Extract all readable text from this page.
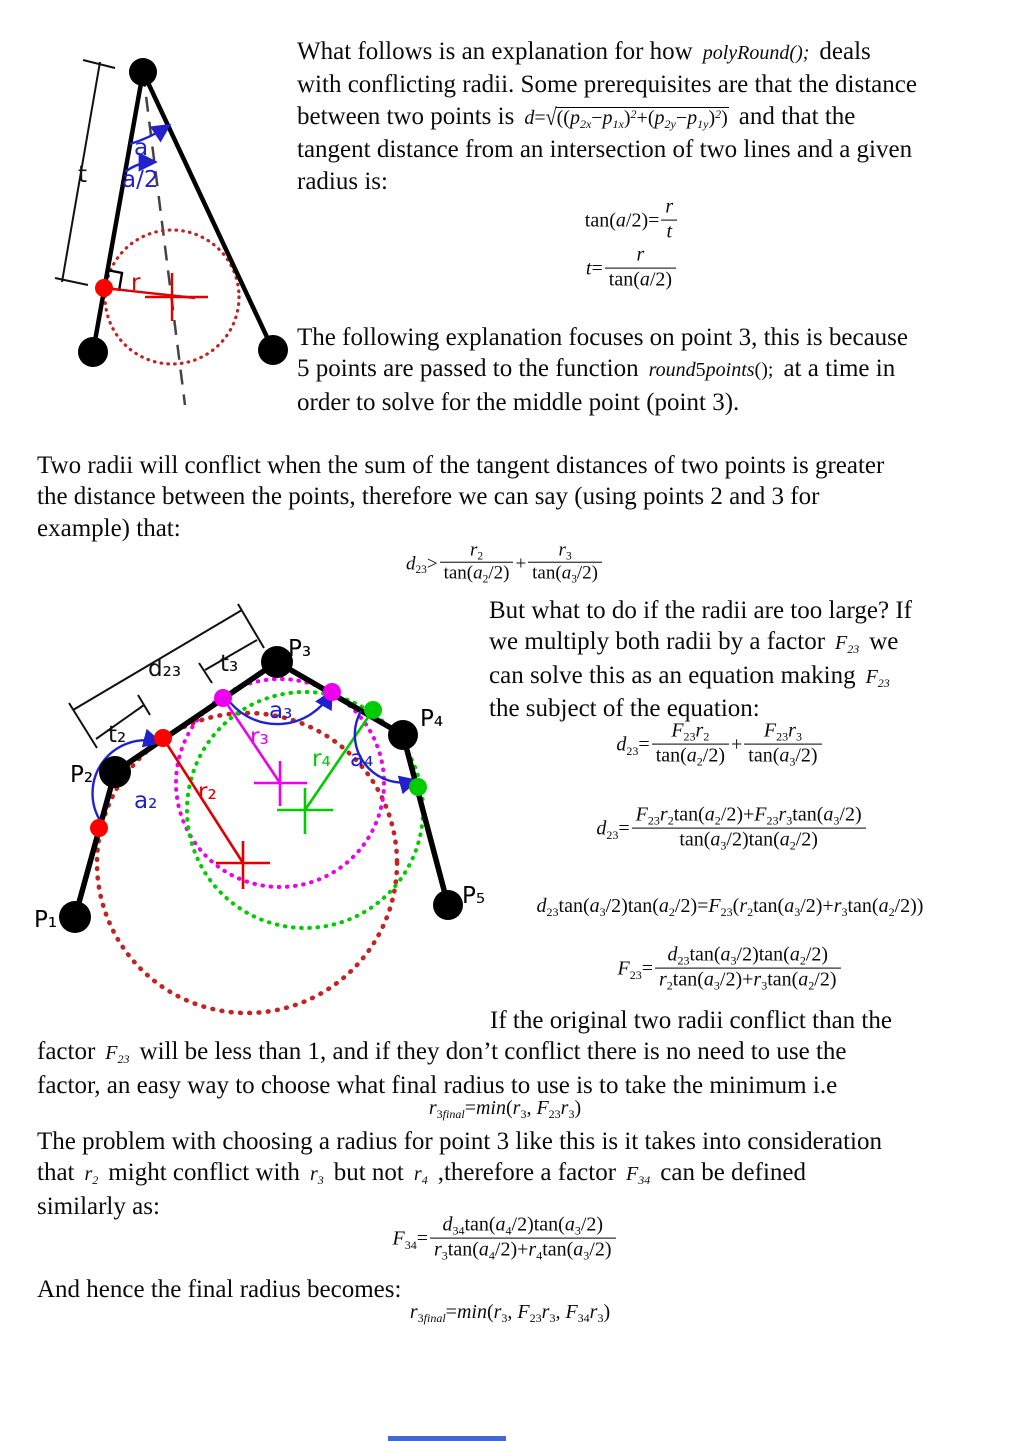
t
a
a/2
r
What follows is an explanation for how polyRound(); deals
with conflicting radii. Some prerequisites are that the distance
between two points is $d=√((p2x-p1x)^2+(p2y-p1y)^2)$ and that the
tangent distance from an intersection of two lines and a given
radius is:
$\tan(a/2)= \frac{r}{t}$
$t= \frac{r}{\tan(a/2)}$
The following explanation focuses on point 3, this is because
5 points are passed to the function round5points(); at a time in
order to solve for the middle point (point 3).
Two radii will conflict when the sum of the tangent distances of two points is greater
the distance between the points, therefore we can say (using points 2 and 3 for
example) that:
$d23> \frac{r2}{\tan(a2/2)} + \frac{r3}{\tan(a3/2)}$
P₁
P₂
P₃
P₄
P₅
d₂₃
t₂
t₃
a₂
a₃
a₄
r₂
r₃
r₄
But what to do if the radii are too large? If
we multiply both radii by a factor F23 we
can solve this as an equation making F23
the subject of the equation:
$d23= \frac{F23r2}{\tan(a2/2)} + \frac{F23r3}{\tan(a3/2)}$
$d23= \frac{F23r2\tan(a2/2)+F23r3\tan(a3/2)}{\tan(a3/2)\tan(a2/2)}$
d23tan(a3/2)tan(a2/2)=F23(r2tan(a3/2)+r3tan(a2/2))
$F23= \frac{d23\tan(a3/2)\tan(a2/2)}{r2\tan(a3/2)+r3\tan(a2/2)}$
If the original two radii conflict than the
factor F23 will be less than 1, and if they don’t conflict there is no need to use the
factor, an easy way to choose what final radius to use is to take the minimum i.e
r3final=min(r3, F23r3)
The problem with choosing a radius for point 3 like this is it takes into consideration
that r2 might conflict with r3 but not r4 ,therefore a factor F34 can be defined
similarly as:
$F34= \frac{d34\tan(a4/2)\tan(a3/2)}{r3\tan(a4/2)+r4\tan(a3/2)}$
And hence the final radius becomes:
r3final=min(r3, F23r3, F34r3)
